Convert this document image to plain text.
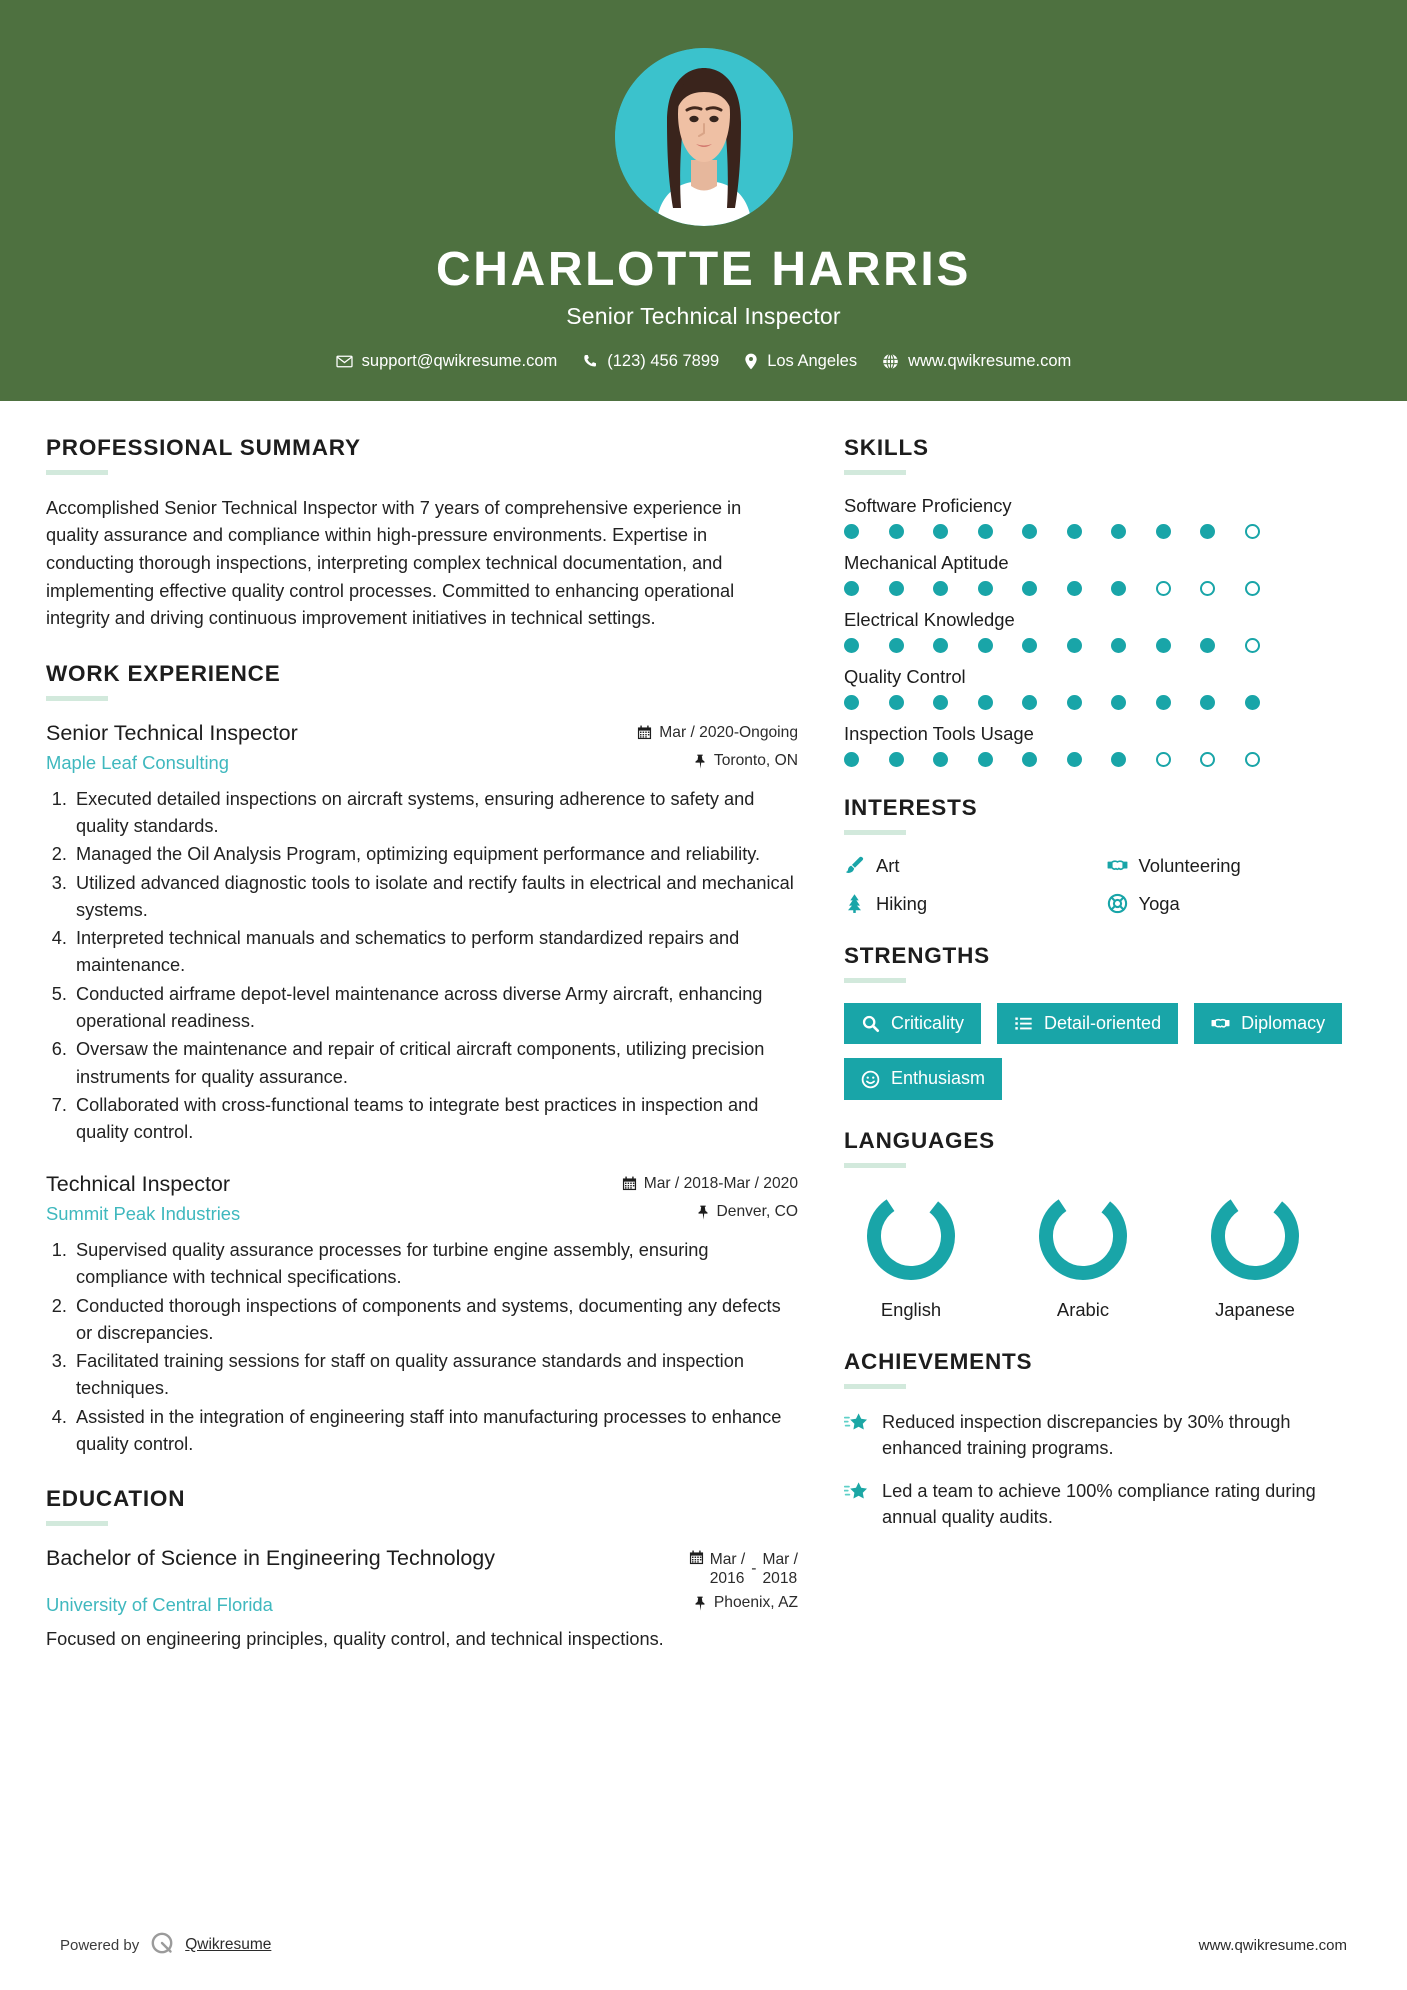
CHARLOTTE HARRIS
Senior Technical Inspector
support@qwikresume.com	(123) 456 7899	Los Angeles	www.qwikresume.com
PROFESSIONAL SUMMARY

Accomplished Senior Technical Inspector with 7 years of comprehensive experience in quality assurance and compliance within high-pressure environments. Expertise in conducting thorough inspections, interpreting complex technical documentation, and implementing effective quality control processes. Committed to enhancing operational integrity and driving continuous improvement initiatives in technical settings.

WORK EXPERIENCE
Senior Technical Inspector	Mar / 2020-Ongoing
Maple Leaf Consulting	Toronto, ON
1. Executed detailed inspections on aircraft systems, ensuring adherence to safety and quality standards.
2. Managed the Oil Analysis Program, optimizing equipment performance and reliability.
3. Utilized advanced diagnostic tools to isolate and rectify faults in electrical and mechanical systems.
4. Interpreted technical manuals and schematics to perform standardized repairs and maintenance.
5. Conducted airframe depot-level maintenance across diverse Army aircraft, enhancing operational readiness.
6. Oversaw the maintenance and repair of critical aircraft components, utilizing precision instruments for quality assurance.
7. Collaborated with cross-functional teams to integrate best practices in inspection and quality control.
Technical Inspector	Mar / 2018-Mar / 2020
Summit Peak Industries	Denver, CO
1. Supervised quality assurance processes for turbine engine assembly, ensuring compliance with technical specifications.
2. Conducted thorough inspections of components and systems, documenting any defects or discrepancies.
3. Facilitated training sessions for staff on quality assurance standards and inspection techniques.
4. Assisted in the integration of engineering staff into manufacturing processes to enhance quality control.
EDUCATION
Bachelor of Science in Engineering Technology	Mar /
2016
-
Mar /
2018
University of Central Florida	Phoenix, AZ

Focused on engineering principles, quality control, and technical inspections.

SKILLS
Software Proficiency
Mechanical Aptitude
Electrical Knowledge
Quality Control
Inspection Tools Usage
INTERESTS
Art	Volunteering
Hiking	Yoga
STRENGTHS
Criticality	Detail-oriented	Diplomacy
Enthusiasm
LANGUAGES
English	Arabic	Japanese
ACHIEVEMENTS
Reduced inspection discrepancies by 30% through enhanced training programs.
Led a team to achieve 100% compliance rating during annual quality audits.
Powered by	Qwikresume	www.qwikresume.com
